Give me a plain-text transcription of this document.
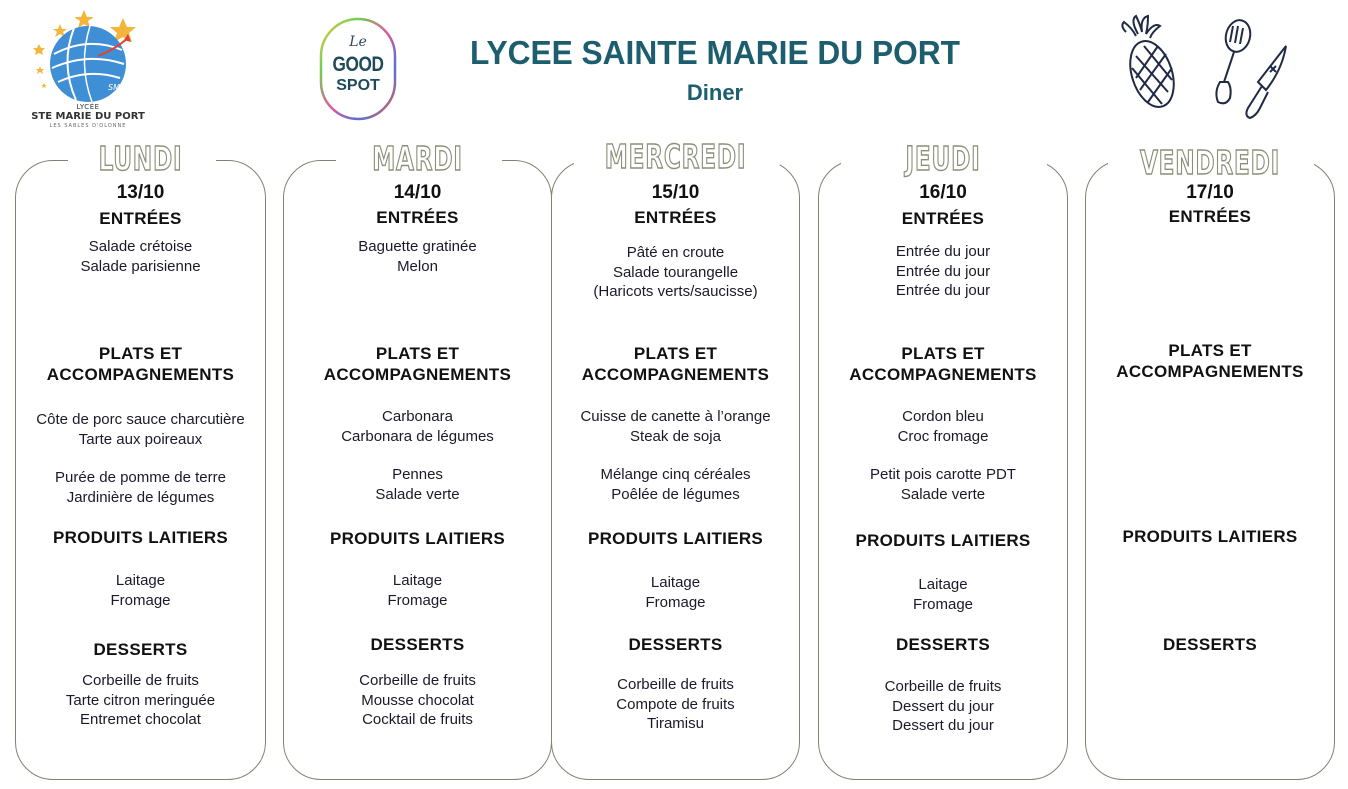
SMP
LYCÉE
STE MARIE DU PORT
LES SABLES D'OLONNE
Le
GOOD
SPOT
LYCEE SAINTE MARIE DU PORT
Diner
LUNDI
13/10
ENTRÉES
PLATS ET
ACCOMPAGNEMENTS
PRODUITS LAITIERS
DESSERTS
Salade crétoise
Salade parisienne
Côte de porc sauce charcutière
Tarte aux poireaux
Purée de pomme de terre
Jardinière de légumes
Laitage
Fromage
Corbeille de fruits
Tarte citron meringuée
Entremet chocolat
MARDI
14/10
ENTRÉES
PLATS ET
ACCOMPAGNEMENTS
PRODUITS LAITIERS
DESSERTS
Baguette gratinée
Melon
Carbonara
Carbonara de légumes
Pennes
Salade verte
Laitage
Fromage
Corbeille de fruits
Mousse chocolat
Cocktail de fruits
MERCREDI
15/10
ENTRÉES
PLATS ET
ACCOMPAGNEMENTS
PRODUITS LAITIERS
DESSERTS
Pâté en croute
Salade tourangelle
(Haricots verts/saucisse)
Cuisse de canette à l’orange
Steak de soja
Mélange cinq céréales
Poêlée de légumes
Laitage
Fromage
Corbeille de fruits
Compote de fruits
Tiramisu
JEUDI
16/10
ENTRÉES
PLATS ET
ACCOMPAGNEMENTS
PRODUITS LAITIERS
DESSERTS
Entrée du jour
Entrée du jour
Entrée du jour
Cordon bleu
Croc fromage
Petit pois carotte PDT
Salade verte
Laitage
Fromage
Corbeille de fruits
Dessert du jour
Dessert du jour
VENDREDI
17/10
ENTRÉES
PLATS ET
ACCOMPAGNEMENTS
PRODUITS LAITIERS
DESSERTS
